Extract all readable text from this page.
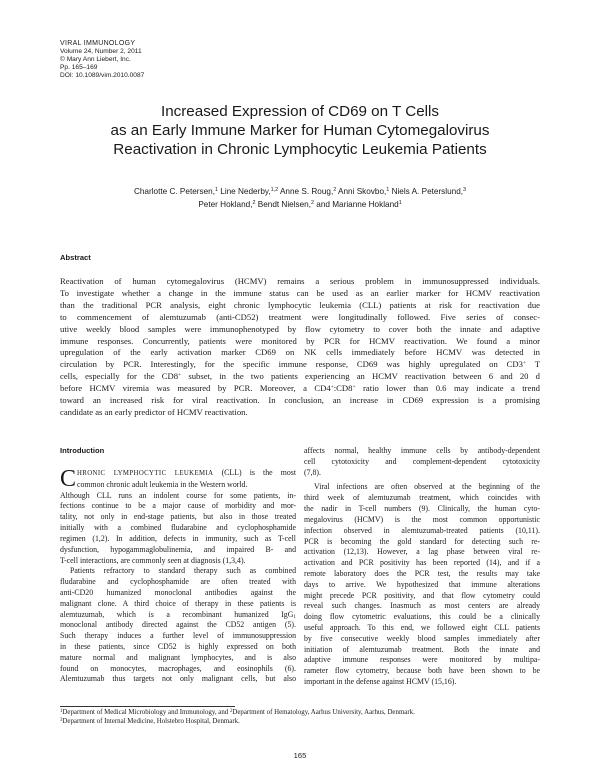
VIRAL IMMUNOLOGY
Volume 24, Number 2, 2011
© Mary Ann Liebert, Inc.
Pp. 165–169
DOI: 10.1089/vim.2010.0087
Increased Expression of CD69 on T Cells
as an Early Immune Marker for Human Cytomegalovirus
Reactivation in Chronic Lymphocytic Leukemia Patients
Charlotte C. Petersen,$^1$ Line Nederby,$^{1,2}$ Anne S. Roug,$^2$ Anni Skovbo,$^1$ Niels A. Peterslund,$^3$
Peter Hokland,$^2$ Bendt Nielsen,$^2$ and Marianne Hokland$^1$
Abstract
Reactivation of human cytomegalovirus (HCMV) remains a serious problem in immunosuppressed individuals.
To investigate whether a change in the immune status can be used as an earlier marker for HCMV reactivation
than the traditional PCR analysis, eight chronic lymphocytic leukemia (CLL) patients at risk for reactivation due
to commencement of alemtuzumab (anti-CD52) treatment were longitudinally followed. Five series of consec-
utive weekly blood samples were immunophenotyped by flow cytometry to cover both the innate and adaptive
immune responses. Concurrently, patients were monitored by PCR for HCMV reactivation. We found a minor
upregulation of the early activation marker CD69 on NK cells immediately before HCMV was detected in
circulation by PCR. Interestingly, for the specific immune response, CD69 was highly upregulated on CD3+ T
cells, especially for the CD8+ subset, in the two patients experiencing an HCMV reactivation between 6 and 20 d
before HCMV viremia was measured by PCR. Moreover, a CD4+:CD8+ ratio lower than 0.6 may indicate a trend
toward an increased risk for viral reactivation. In conclusion, an increase in CD69 expression is a promising
candidate as an early predictor of HCMV reactivation.
Introduction
C HRONIC LYMPHOCYTIC LEUKEMIA (CLL) is the most
common chronic adult leukemia in the Western world.
Although CLL runs an indolent course for some patients, in-
fections continue to be a major cause of morbidity and mor-
tality, not only in end-stage patients, but also in those treated
initially with a combined fludarabine and cyclophosphamide
regimen (1,2). In addition, defects in immunity, such as T-cell
dysfunction, hypogammaglobulinemia, and impaired B- and
T-cell interactions, are commonly seen at diagnosis (1,3,4).
Patients refractory to standard therapy such as combined
fludarabine and cyclophosphamide are often treated with
anti-CD20 humanized monoclonal antibodies against the
malignant clone. A third choice of therapy in these patients is
alemtuzumab, which is a recombinant humanized IgG$_1$
monoclonal antibody directed against the CD52 antigen (5).
Such therapy induces a further level of immunosuppression
in these patients, since CD52 is highly expressed on both
mature normal and malignant lymphocytes, and is also
found on monocytes, macrophages, and eosinophils (6).
Alemtuzumab thus targets not only malignant cells, but also
affects normal, healthy immune cells by antibody-dependent
cell cytotoxicity and complement-dependent cytotoxicity
(7,8).
Viral infections are often observed at the beginning of the
third week of alemtuzumab treatment, which coincides with
the nadir in T-cell numbers (9). Clinically, the human cyto-
megalovirus (HCMV) is the most common opportunistic
infection observed in alemtuzumab-treated patients (10,11).
PCR is becoming the gold standard for detecting such re-
activation (12,13). However, a lag phase between viral re-
activation and PCR positivity has been reported (14), and if a
remote laboratory does the PCR test, the results may take
days to arrive. We hypothesized that immune alterations
might precede PCR positivity, and that flow cytometry could
reveal such changes. Inasmuch as most centers are already
doing flow cytometric evaluations, this could be a clinically
useful approach. To this end, we followed eight CLL patients
by five consecutive weekly blood samples immediately after
initiation of alemtuzumab treatment. Both the innate and
adaptive immune responses were monitored by multipa-
rameter flow cytometry, because both have been shown to be
important in the defense against HCMV (15,16).
$^1$Department of Medical Microbiology and Immunology, and $^2$Department of Hematology, Aarhus University, Aarhus, Denmark.
$^3$Department of Internal Medicine, Holstebro Hospital, Denmark.
165
